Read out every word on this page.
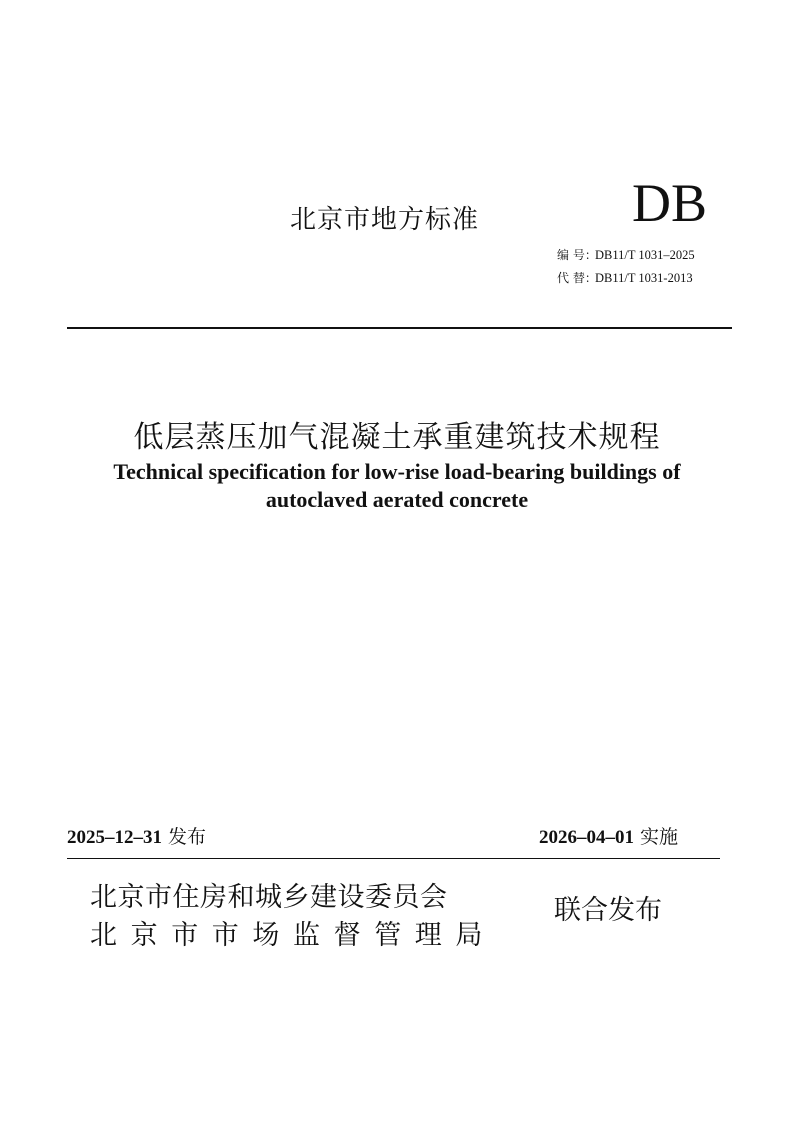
北京市地方标准	DB
编 号：DB11/T 1031–2025
代 替：DB11/T 1031-2013
低层蒸压加气混凝土承重建筑技术规程
Technical specification for low-rise load-bearing buildings of
autoclaved aerated concrete
2025–12–31 发布	2026–04–01 实施
北京市住房和城乡建设委员会
北京市市场监督管理局
联合发布
